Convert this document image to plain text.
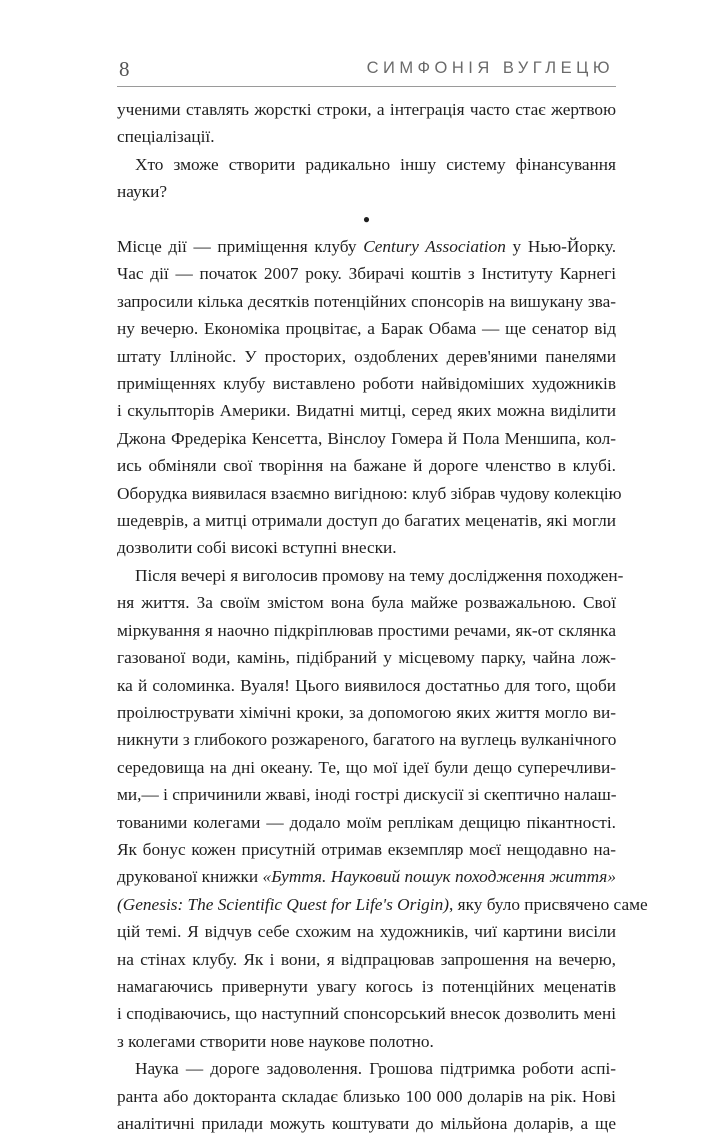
8	СИМФОНІЯ ВУГЛЕЦЮ
ученими ставлять жорсткі строки, а інтеграція часто стає жертвою
спеціалізації.
Хто зможе створити радикально іншу систему фінансування
науки?
●
Місце дії — приміщення клубу Century Association у Нью-Йорку.
Час дії — початок 2007 року. Збирачі коштів з Інституту Карнегі
запросили кілька десятків потенційних спонсорів на вишукану зва-
ну вечерю. Економіка процвітає, а Барак Обама — ще сенатор від
штату Іллінойс. У просторих, оздоблених дерев'яними панелями
приміщеннях клубу виставлено роботи найвідоміших художників
і скульпторів Америки. Видатні митці, серед яких можна виділити
Джона Фредеріка Кенсетта, Вінслоу Гомера й Пола Меншипа, кол-
ись обміняли свої творіння на бажане й дороге членство в клубі.
Оборудка виявилася взаємно вигідною: клуб зібрав чудову колекцію
шедеврів, а митці отримали доступ до багатих меценатів, які могли
дозволити собі високі вступні внески.
Після вечері я виголосив промову на тему дослідження походжен-
ня життя. За своїм змістом вона була майже розважальною. Свої
міркування я наочно підкріплював простими речами, як-от склянка
газованої води, камінь, підібраний у місцевому парку, чайна лож-
ка й соломинка. Вуаля! Цього виявилося достатньо для того, щоби
проілюструвати хімічні кроки, за допомогою яких життя могло ви-
никнути з глибокого розжареного, багатого на вуглець вулканічного
середовища на дні океану. Те, що мої ідеї були дещо суперечливи-
ми,— і спричинили жваві, іноді гострі дискусії зі скептично налаш-
тованими колегами — додало моїм реплікам дещицю пікантності.
Як бонус кожен присутній отримав екземпляр моєї нещодавно на-
друкованої книжки «Буття. Науковий пошук походження життя»
(Genesis: The Scientific Quest for Life's Origin), яку було присвячено саме
цій темі. Я відчув себе схожим на художників, чиї картини висіли
на стінах клубу. Як і вони, я відпрацював запрошення на вечерю,
намагаючись привернути увагу когось із потенційних меценатів
і сподіваючись, що наступний спонсорський внесок дозволить мені
з колегами створити нове наукове полотно.
Наука — дороге задоволення. Грошова підтримка роботи аспі-
ранта або докторанта складає близько 100 000 доларів на рік. Нові
аналітичні прилади можуть коштувати до мільйона доларів, а ще
